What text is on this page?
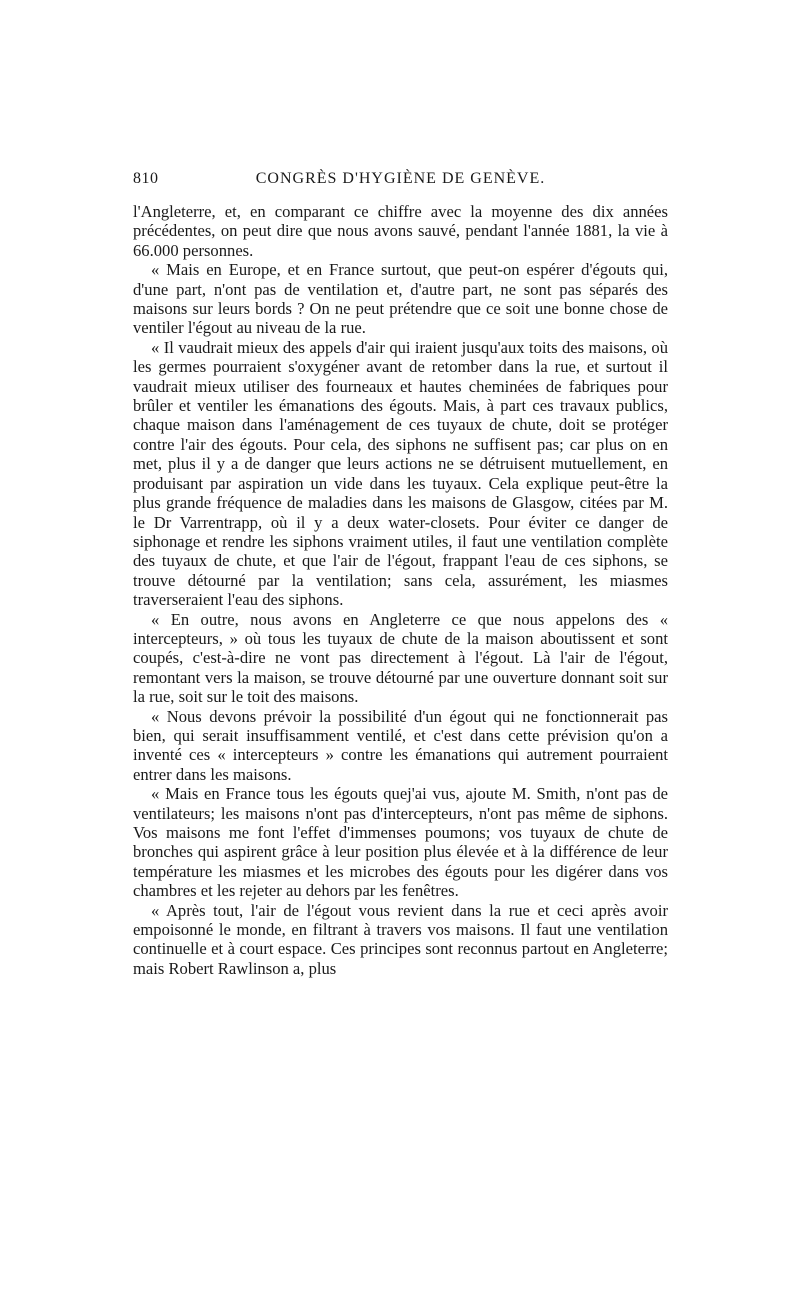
810	CONGRÈS D'HYGIÈNE DE GENÈVE.

l'Angleterre, et, en comparant ce chiffre avec la moyenne des dix années précédentes, on peut dire que nous avons sauvé, pendant l'année 1881, la vie à 66.000 personnes.

« Mais en Europe, et en France surtout, que peut-on espérer d'égouts qui, d'une part, n'ont pas de ventilation et, d'autre part, ne sont pas séparés des maisons sur leurs bords ? On ne peut prétendre que ce soit une bonne chose de ventiler l'égout au niveau de la rue.

« Il vaudrait mieux des appels d'air qui iraient jusqu'aux toits des maisons, où les germes pourraient s'oxygéner avant de retomber dans la rue, et surtout il vaudrait mieux utiliser des fourneaux et hautes cheminées de fabriques pour brûler et ventiler les émanations des égouts. Mais, à part ces travaux publics, chaque maison dans l'aménagement de ces tuyaux de chute, doit se protéger contre l'air des égouts. Pour cela, des siphons ne suffisent pas; car plus on en met, plus il y a de danger que leurs actions ne se détruisent mutuellement, en produisant par aspiration un vide dans les tuyaux. Cela explique peut-être la plus grande fréquence de maladies dans les maisons de Glasgow, citées par M. le Dr Varrentrapp, où il y a deux water-closets. Pour éviter ce danger de siphonage et rendre les siphons vraiment utiles, il faut une ventilation complète des tuyaux de chute, et que l'air de l'égout, frappant l'eau de ces siphons, se trouve détourné par la ventilation; sans cela, assurément, les miasmes traverseraient l'eau des siphons.

« En outre, nous avons en Angleterre ce que nous appelons des « intercepteurs, » où tous les tuyaux de chute de la maison aboutissent et sont coupés, c'est-à-dire ne vont pas directement à l'égout. Là l'air de l'égout, remontant vers la maison, se trouve détourné par une ouverture donnant soit sur la rue, soit sur le toit des maisons.

« Nous devons prévoir la possibilité d'un égout qui ne fonctionnerait pas bien, qui serait insuffisamment ventilé, et c'est dans cette prévision qu'on a inventé ces « intercepteurs » contre les émanations qui autrement pourraient entrer dans les maisons.

« Mais en France tous les égouts quej'ai vus, ajoute M. Smith, n'ont pas de ventilateurs; les maisons n'ont pas d'intercepteurs, n'ont pas même de siphons. Vos maisons me font l'effet d'immenses poumons; vos tuyaux de chute de bronches qui aspirent grâce à leur position plus élevée et à la différence de leur température les miasmes et les microbes des égouts pour les digérer dans vos chambres et les rejeter au dehors par les fenêtres.

« Après tout, l'air de l'égout vous revient dans la rue et ceci après avoir empoisonné le monde, en filtrant à travers vos maisons. Il faut une ventilation continuelle et à court espace. Ces principes sont reconnus partout en Angleterre; mais Robert Rawlinson a, plus
